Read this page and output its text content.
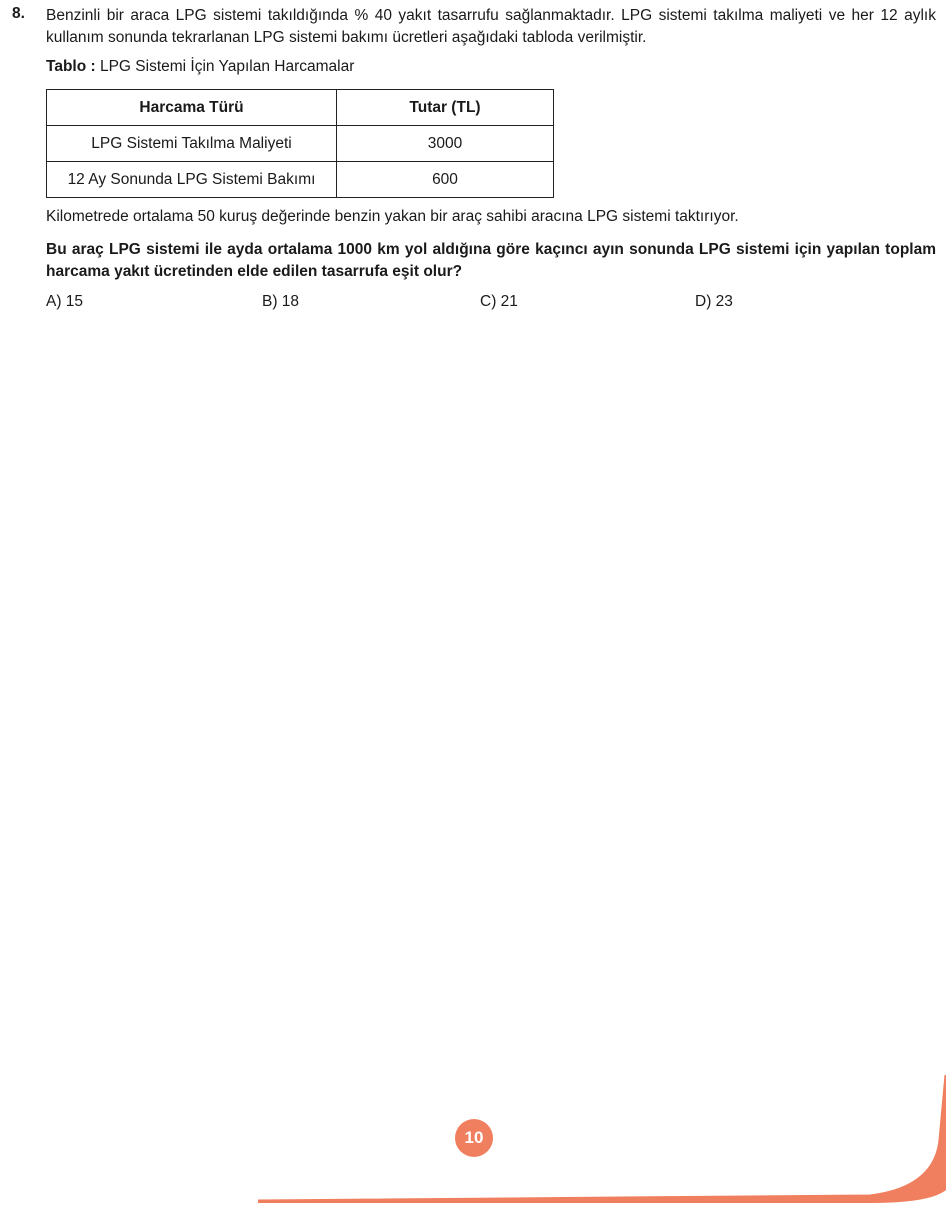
8. Benzinli bir araca LPG sistemi takıldığında % 40 yakıt tasarrufu sağlanmaktadır. LPG sistemi takılma maliyeti ve her 12 aylık kullanım sonunda tekrarlanan LPG sistemi bakımı ücretleri aşağıdaki tabloda verilmiştir.
Tablo : LPG Sistemi İçin Yapılan Harcamalar
Harcama Türü	Tutar (TL)
LPG Sistemi Takılma Maliyeti	3000
12 Ay Sonunda LPG Sistemi Bakımı	600
Kilometrede ortalama 50 kuruş değerinde benzin yakan bir araç sahibi aracına LPG sistemi taktırıyor.
Bu araç LPG sistemi ile ayda ortalama 1000 km yol aldığına göre kaçıncı ayın sonunda LPG sistemi için yapılan toplam harcama yakıt ücretinden elde edilen tasarrufa eşit olur?
A) 15	B) 18	C) 21	D) 23
10
